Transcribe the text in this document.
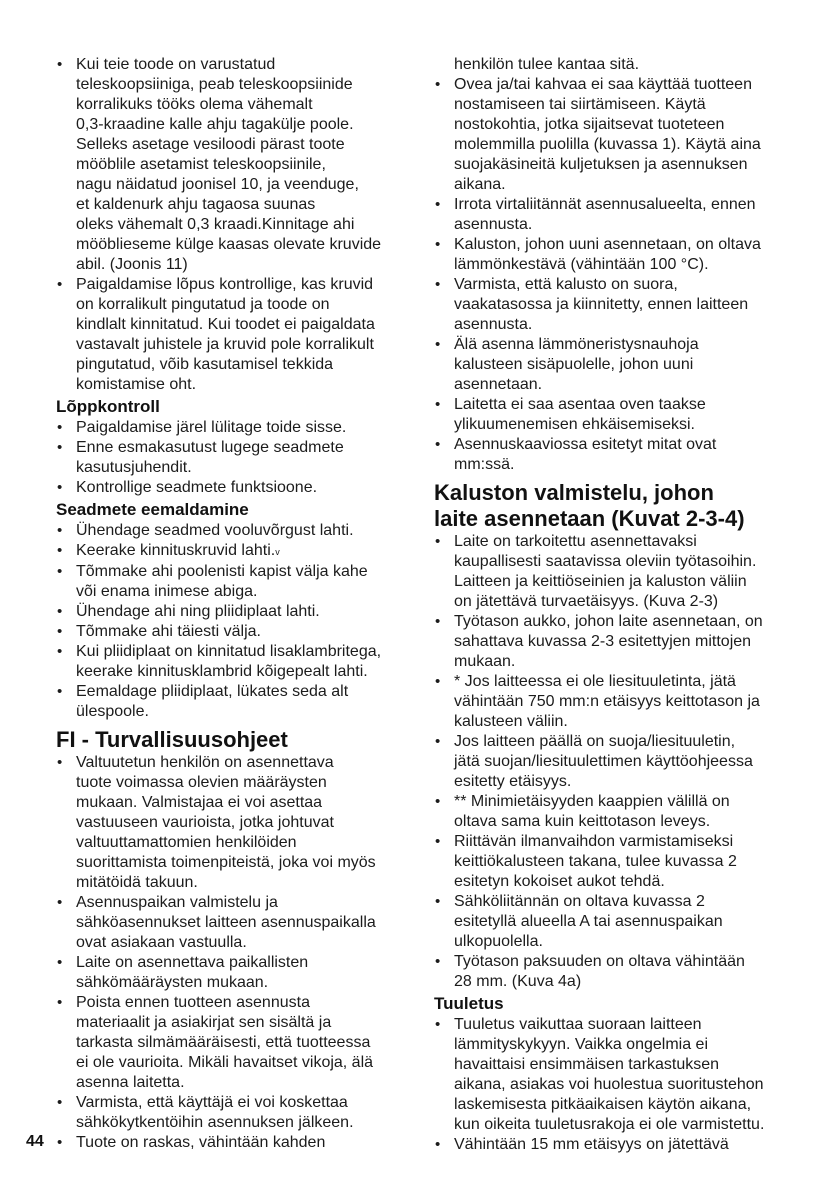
• Kui teie toode on varustatud
teleskoopsiiniga, peab teleskoopsiinide
korralikuks tööks olema vähemalt
0,3-kraadine kalle ahju tagakülje poole.
Selleks asetage vesiloodi pärast toote
mööblile asetamist teleskoopsiinile,
nagu näidatud joonisel 10, ja veenduge,
et kaldenurk ahju tagaosa suunas
oleks vähemalt 0,3 kraadi.Kinnitage ahi
mööblieseme külge kaasas olevate kruvide
abil. (Joonis 11)
• Paigaldamise lõpus kontrollige, kas kruvid
on korralikult pingutatud ja toode on
kindlalt kinnitatud. Kui toodet ei paigaldata
vastavalt juhistele ja kruvid pole korralikult
pingutatud, võib kasutamisel tekkida
komistamise oht.
Lõppkontroll
• Paigaldamise järel lülitage toide sisse.
• Enne esmakasutust lugege seadmete
kasutusjuhendit.
• Kontrollige seadmete funktsioone.
Seadmete eemaldamine
• Ühendage seadmed vooluvõrgust lahti.
• Keerake kinnituskruvid lahti.v
• Tõmmake ahi poolenisti kapist välja kahe
või enama inimese abiga.
• Ühendage ahi ning pliidiplaat lahti.
• Tõmmake ahi täiesti välja.
• Kui pliidiplaat on kinnitatud lisaklambritega,
keerake kinnitusklambrid kõigepealt lahti.
• Eemaldage pliidiplaat, lükates seda alt
ülespoole.
FI - Turvallisuusohjeet
• Valtuutetun henkilön on asennettava
tuote voimassa olevien määräysten
mukaan. Valmistajaa ei voi asettaa
vastuuseen vaurioista, jotka johtuvat
valtuuttamattomien henkilöiden
suorittamista toimenpiteistä, joka voi myös
mitätöidä takuun.
• Asennuspaikan valmistelu ja
sähköasennukset laitteen asennuspaikalla
ovat asiakaan vastuulla.
• Laite on asennettava paikallisten
sähkömääräysten mukaan.
• Poista ennen tuotteen asennusta
materiaalit ja asiakirjat sen sisältä ja
tarkasta silmämääräisesti, että tuotteessa
ei ole vaurioita. Mikäli havaitset vikoja, älä
asenna laitetta.
• Varmista, että käyttäjä ei voi koskettaa
sähkökytkentöihin asennuksen jälkeen.
• Tuote on raskas, vähintään kahden
henkilön tulee kantaa sitä.
• Ovea ja/tai kahvaa ei saa käyttää tuotteen
nostamiseen tai siirtämiseen. Käytä
nostokohtia, jotka sijaitsevat tuoteteen
molemmilla puolilla (kuvassa 1). Käytä aina
suojakäsineitä kuljetuksen ja asennuksen
aikana.
• Irrota virtaliitännät asennusalueelta, ennen
asennusta.
• Kaluston, johon uuni asennetaan, on oltava
lämmönkestävä (vähintään 100 °C).
• Varmista, että kalusto on suora,
vaakatasossa ja kiinnitetty, ennen laitteen
asennusta.
• Älä asenna lämmöneristysnauhoja
kalusteen sisäpuolelle, johon uuni
asennetaan.
• Laitetta ei saa asentaa oven taakse
ylikuumenemisen ehkäisemiseksi.
• Asennuskaaviossa esitetyt mitat ovat
mm:ssä.
Kaluston valmistelu, johon
laite asennetaan (Kuvat 2-3-4)
• Laite on tarkoitettu asennettavaksi
kaupallisesti saatavissa oleviin työtasoihin.
Laitteen ja keittiöseinien ja kaluston väliin
on jätettävä turvaetäisyys. (Kuva 2-3)
• Työtason aukko, johon laite asennetaan, on
sahattava kuvassa 2-3 esitettyjen mittojen
mukaan.
• * Jos laitteessa ei ole liesituuletinta, jätä
vähintään 750 mm:n etäisyys keittotason ja
kalusteen väliin.
• Jos laitteen päällä on suoja/liesituuletin,
jätä suojan/liesituulettimen käyttöohjeessa
esitetty etäisyys.
• ** Minimietäisyyden kaappien välillä on
oltava sama kuin keittotason leveys.
• Riittävän ilmanvaihdon varmistamiseksi
keittiökalusteen takana, tulee kuvassa 2
esitetyn kokoiset aukot tehdä.
• Sähköliitännän on oltava kuvassa 2
esitetyllä alueella A tai asennuspaikan
ulkopuolella.
• Työtason paksuuden on oltava vähintään
28 mm. (Kuva 4a)
Tuuletus
• Tuuletus vaikuttaa suoraan laitteen
lämmityskykyyn. Vaikka ongelmia ei
havaittaisi ensimmäisen tarkastuksen
aikana, asiakas voi huolestua suoritustehon
laskemisesta pitkäaikaisen käytön aikana,
kun oikeita tuuletusrakoja ei ole varmistettu.
• Vähintään 15 mm etäisyys on jätettävä
44
